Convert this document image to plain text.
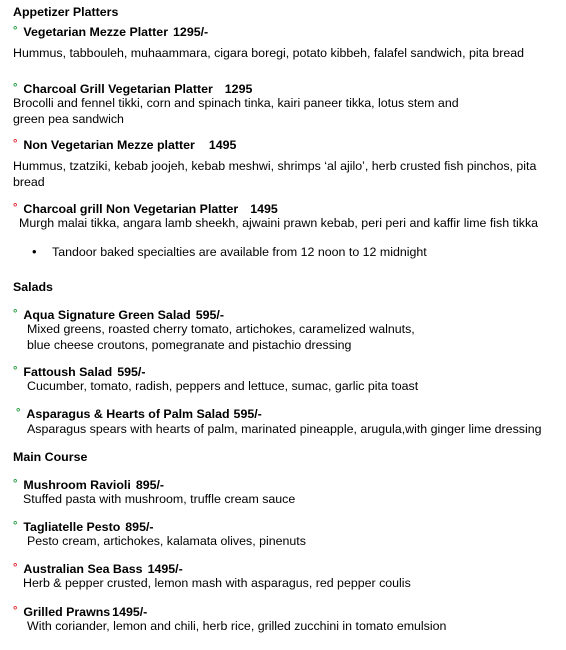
Appetizer Platters
° Vegetarian Mezze Platter 1295/-
Hummus, tabbouleh, muhaammara, cigara boregi, potato kibbeh, falafel sandwich, pita bread
° Charcoal Grill Vegetarian Platter 1295
Brocolli and fennel tikki, corn and spinach tinka, kairi paneer tikka, lotus stem and green pea sandwich
° Non Vegetarian Mezze platter 1495
Hummus, tzatziki, kebab joojeh, kebab meshwi, shrimps ‘al ajilo’, herb crusted fish pinchos, pita bread
° Charcoal grill Non Vegetarian Platter 1495
Murgh malai tikka, angara lamb sheekh, ajwaini prawn kebab, peri peri and kaffir lime fish tikka
• Tandoor baked specialties are available from 12 noon to 12 midnight
Salads
° Aqua Signature Green Salad 595/-
Mixed greens, roasted cherry tomato, artichokes, caramelized walnuts, blue cheese croutons, pomegranate and pistachio dressing
° Fattoush Salad 595/-
Cucumber, tomato, radish, peppers and lettuce, sumac, garlic pita toast
° Asparagus & Hearts of Palm Salad 595/-
Asparagus spears with hearts of palm, marinated pineapple, arugula,with ginger lime dressing
Main Course
° Mushroom Ravioli 895/-
Stuffed pasta with mushroom, truffle cream sauce
° Tagliatelle Pesto 895/-
Pesto cream, artichokes, kalamata olives, pinenuts
° Australian Sea Bass 1495/-
Herb & pepper crusted, lemon mash with asparagus, red pepper coulis
° Grilled Prawns 1495/-
With coriander, lemon and chili, herb rice, grilled zucchini in tomato emulsion
